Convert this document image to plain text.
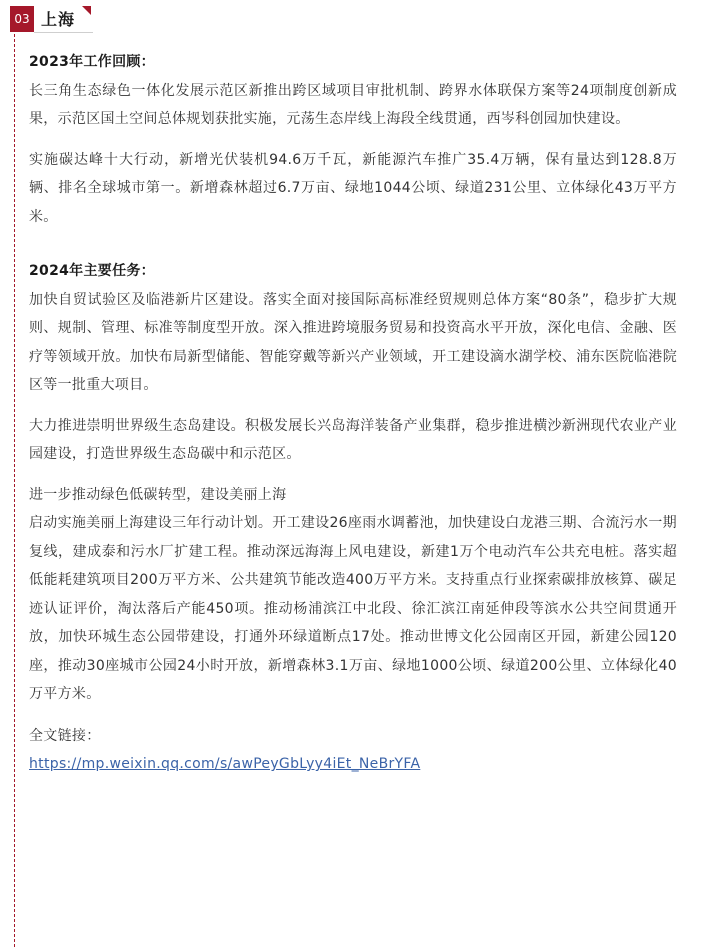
03 上海

2023年工作回顾：

长三角生态绿色一体化发展示范区新推出跨区域项目审批机制、跨界水体联保方案等24项制度创新成果，示范区国土空间总体规划获批实施，元荡生态岸线上海段全线贯通，西岑科创园加快建设。

实施碳达峰十大行动，新增光伏装机94.6万千瓦，新能源汽车推广35.4万辆，保有量达到128.8万辆、排名全球城市第一。新增森林超过6.7万亩、绿地1044公顷、绿道231公里、立体绿化43万平方米。

2024年主要任务：

加快自贸试验区及临港新片区建设。落实全面对接国际高标准经贸规则总体方案“80条”，稳步扩大规则、规制、管理、标准等制度型开放。深入推进跨境服务贸易和投资高水平开放，深化电信、金融、医疗等领域开放。加快布局新型储能、智能穿戴等新兴产业领域，开工建设滴水湖学校、浦东医院临港院区等一批重大项目。

大力推进崇明世界级生态岛建设。积极发展长兴岛海洋装备产业集群，稳步推进横沙新洲现代农业产业园建设，打造世界级生态岛碳中和示范区。

进一步推动绿色低碳转型，建设美丽上海

启动实施美丽上海建设三年行动计划。开工建设26座雨水调蓄池，加快建设白龙港三期、合流污水一期复线，建成泰和污水厂扩建工程。推动深远海海上风电建设，新建1万个电动汽车公共充电桩。落实超低能耗建筑项目200万平方米、公共建筑节能改造400万平方米。支持重点行业探索碳排放核算、碳足迹认证评价，淘汰落后产能450项。推动杨浦滨江中北段、徐汇滨江南延伸段等滨水公共空间贯通开放，加快环城生态公园带建设，打通外环绿道断点17处。推动世博文化公园南区开园，新建公园120座，推动30座城市公园24小时开放，新增森林3.1万亩、绿地1000公顷、绿道200公里、立体绿化40万平方米。

全文链接：

https://mp.weixin.qq.com/s/awPeyGbLyy4iEt_NeBrYFA
